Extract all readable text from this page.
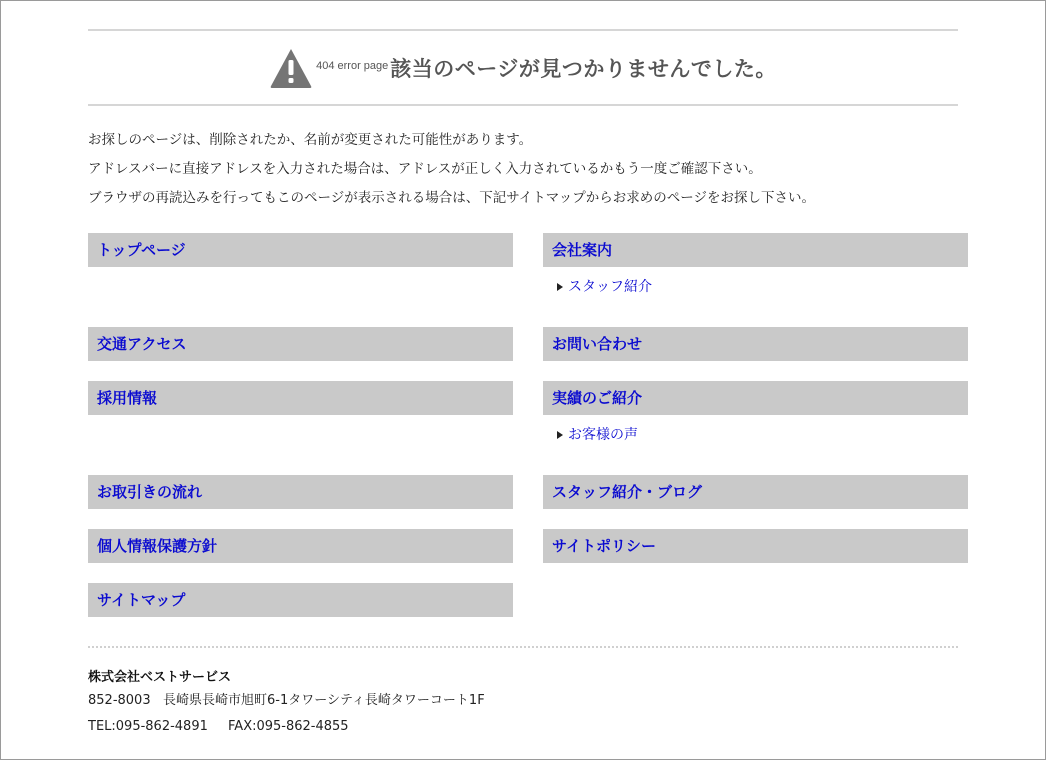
404 error page 該当のページが見つかりませんでした。

お探しのページは、削除されたか、名前が変更された可能性があります。

アドレスバーに直接アドレスを入力された場合は、アドレスが正しく入力されているかもう一度ご確認下さい。

ブラウザの再読込みを行ってもこのページが表示される場合は、下記サイトマップからお求めのページをお探し下さい。

トップページ	会社案内
スタッフ紹介
交通アクセス	お問い合わせ
採用情報	実績のご紹介
お客様の声
お取引きの流れ	スタッフ紹介・ブログ
個人情報保護方針	サイトポリシー
サイトマップ
株式会社ベストサービス
852-8003 長崎県長崎市旭町6-1タワーシティ長崎タワーコート1F
TEL:095-862-4891 FAX:095-862-4855
